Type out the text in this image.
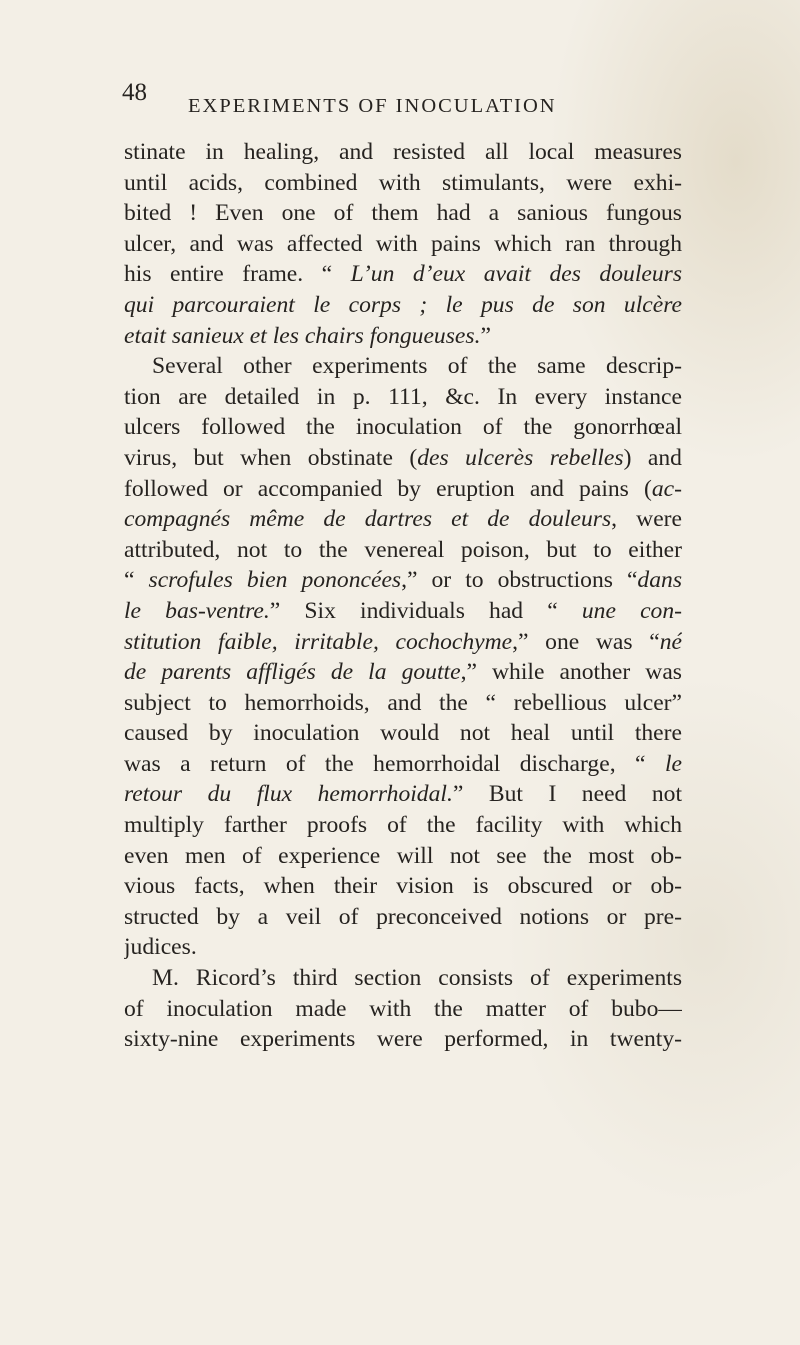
48 EXPERIMENTS OF INOCULATION
stinate in healing, and resisted all local measures
until acids, combined with stimulants, were exhi-
bited ! Even one of them had a sanious fungous
ulcer, and was affected with pains which ran through
his entire frame. “ L’un d’eux avait des douleurs
qui parcouraient le corps ; le pus de son ulcère
etait sanieux et les chairs fongueuses.”
Several other experiments of the same descrip-
tion are detailed in p. 111, &c. In every instance
ulcers followed the inoculation of the gonorrhœal
virus, but when obstinate (des ulcerès rebelles) and
followed or accompanied by eruption and pains (ac-
compagnés même de dartres et de douleurs, were
attributed, not to the venereal poison, but to either
“ scrofules bien pononcées,” or to obstructions “dans
le bas-ventre.” Six individuals had “ une con-
stitution faible, irritable, cochochyme,” one was “né
de parents affligés de la goutte,” while another was
subject to hemorrhoids, and the “ rebellious ulcer”
caused by inoculation would not heal until there
was a return of the hemorrhoidal discharge, “ le
retour du flux hemorrhoidal.” But I need not
multiply farther proofs of the facility with which
even men of experience will not see the most ob-
vious facts, when their vision is obscured or ob-
structed by a veil of preconceived notions or pre-
judices.
M. Ricord’s third section consists of experiments
of inoculation made with the matter of bubo—
sixty-nine experiments were performed, in twenty-
